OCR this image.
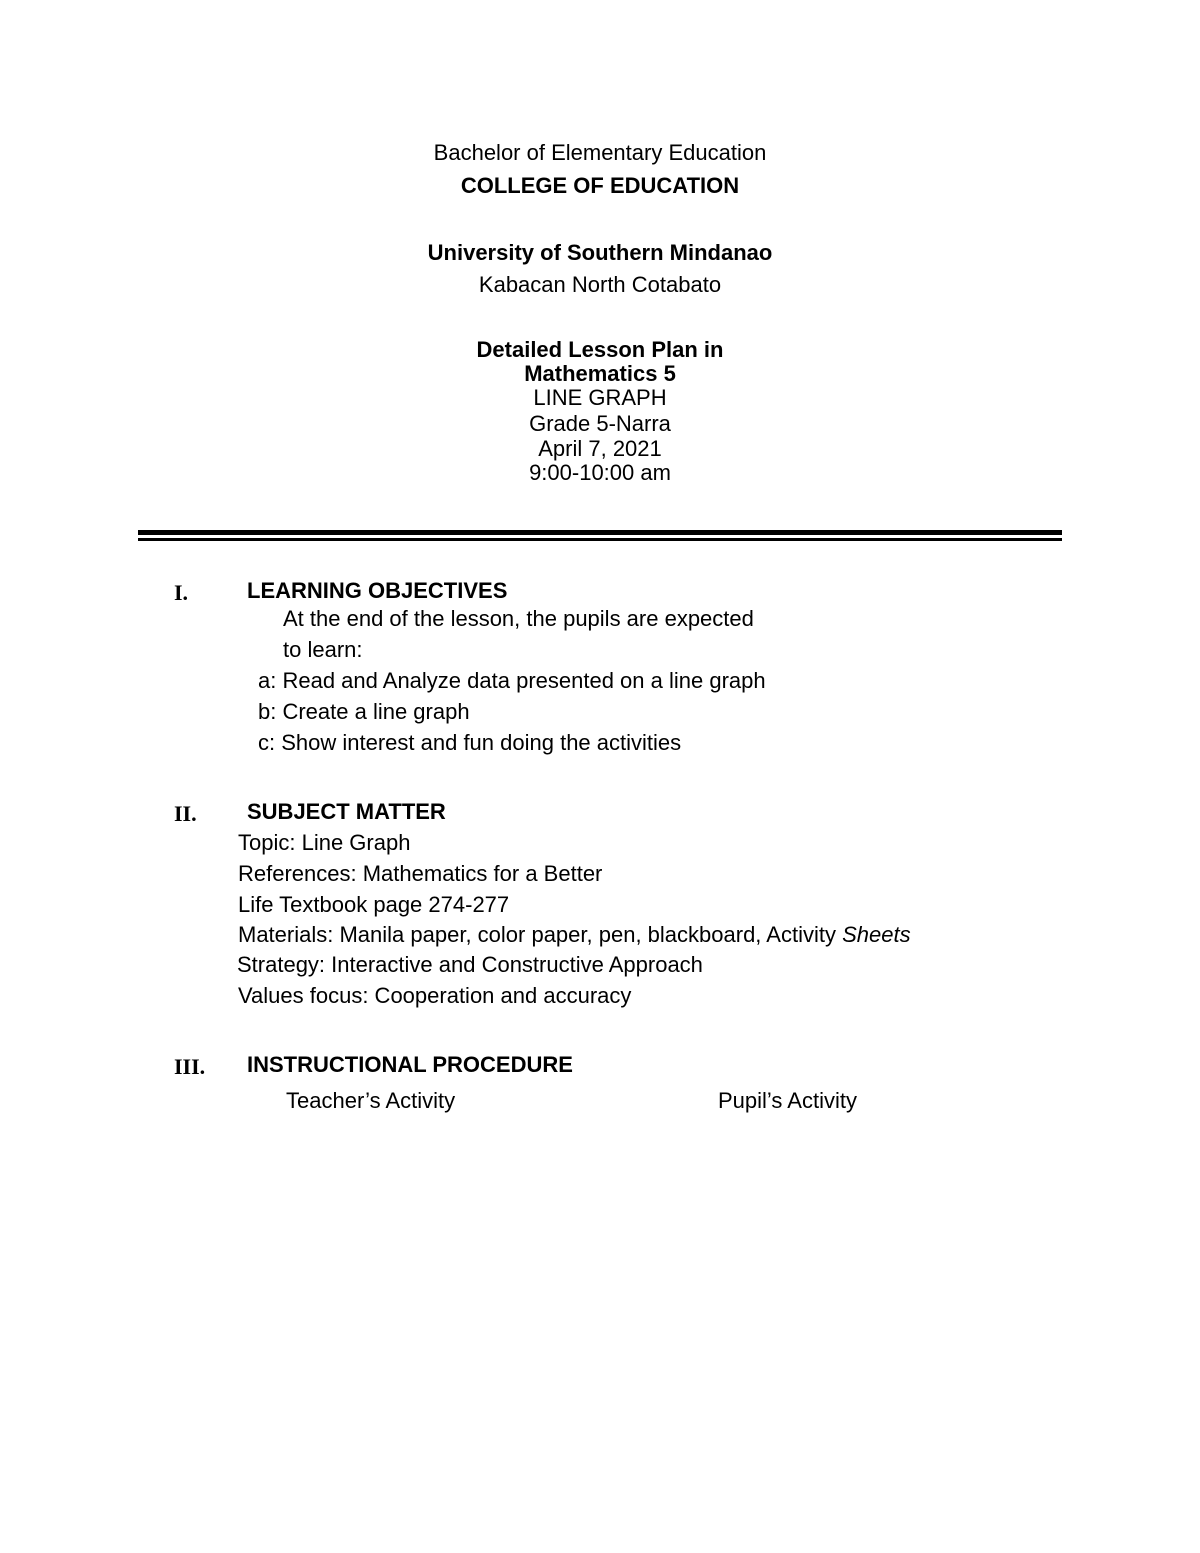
Bachelor of Elementary Education
COLLEGE OF EDUCATION
University of Southern Mindanao
Kabacan North Cotabato
Detailed Lesson Plan in
Mathematics 5
LINE GRAPH
Grade 5-Narra
April 7, 2021
9:00-10:00 am
I.	LEARNING OBJECTIVES
At the end of the lesson, the pupils are expected
to learn:
a: Read and Analyze data presented on a line graph
b: Create a line graph
c: Show interest and fun doing the activities
II. SUBJECT MATTER
Topic: Line Graph
References: Mathematics for a Better
Life Textbook page 274-277
Materials: Manila paper, color paper, pen, blackboard, Activity Sheets
Strategy: Interactive and Constructive Approach
Values focus: Cooperation and accuracy
III. INSTRUCTIONAL PROCEDURE
Teacher’s Activity	Pupil’s Activity
